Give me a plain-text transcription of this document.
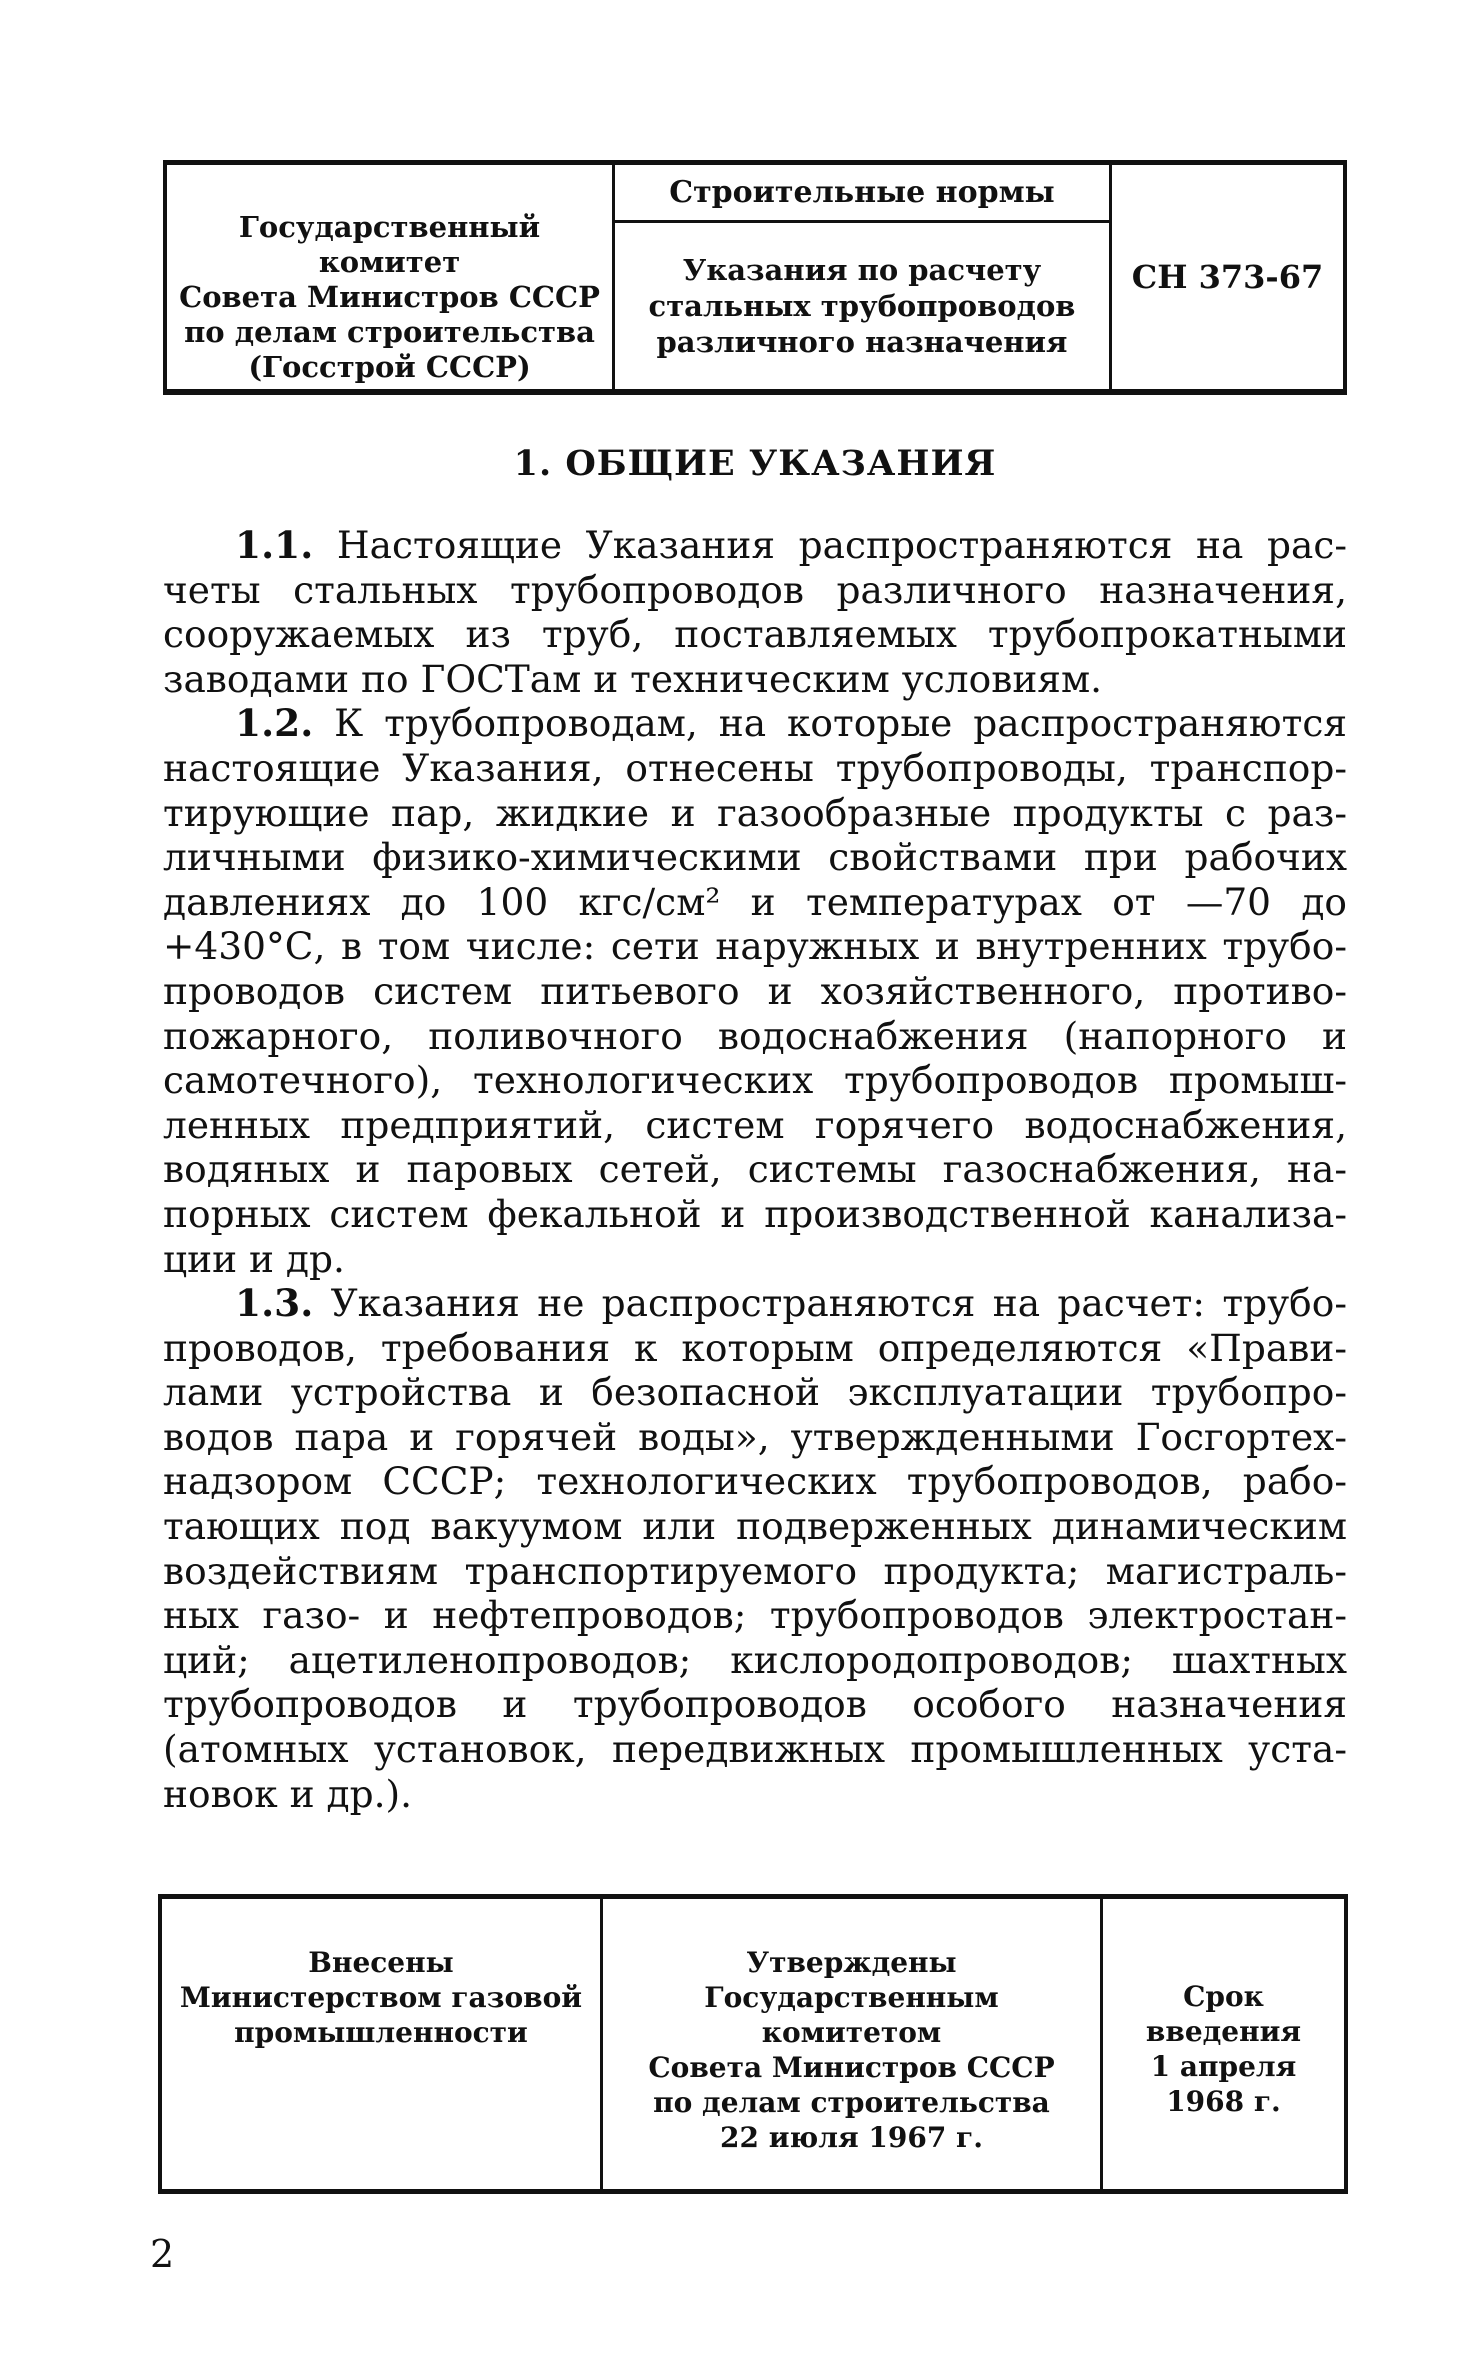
Государственный
комитет
Совета Министров СССР
по делам строительства
(Госстрой СССР)
Строительные нормы
Указания по расчету
стальных трубопроводов
различного назначения
СН 373-67
1. ОБЩИЕ УКАЗАНИЯ

1.1. Настоящие Указания распространяются на расчеты стальных трубопроводов различного назначения, сооружаемых из труб, поставляемых трубопрокатными заводами по ГОСТам и техническим условиям.

1.2. К трубопроводам, на которые распространяются настоящие Указания, отнесены трубопроводы, транспортирующие пар, жидкие и газообразные продукты с различными физико-химическими свойствами при рабочих давлениях до 100 кгс/см² и температурах от —70 до +430°С, в том числе: сети наружных и внутренних трубопроводов систем питьевого и хозяйственного, противопожарного, поливочного водоснабжения (напорного и самотечного), технологических трубопроводов промышленных предприятий, систем горячего водоснабжения, водяных и паровых сетей, системы газоснабжения, напорных систем фекальной и производственной канализации и др.

1.3. Указания не распространяются на расчет: трубопроводов, требования к которым определяются «Правилами устройства и безопасной эксплуатации трубопроводов пара и горячей воды», утвержденными Госгортехнадзором СССР; технологических трубопроводов, работающих под вакуумом или подверженных динамическим воздействиям транспортируемого продукта; магистральных газо- и нефтепроводов; трубопроводов электростанций; ацетиленопроводов; кислородопроводов; шахтных трубопроводов и трубопроводов особого назначения (атомных установок, передвижных промышленных установок и др.).

Внесены
Министерством газовой
промышленности
Утверждены
Государственным
комитетом
Совета Министров СССР
по делам строительства
22 июля 1967 г.
Срок
введения
1 апреля
1968 г.
2
